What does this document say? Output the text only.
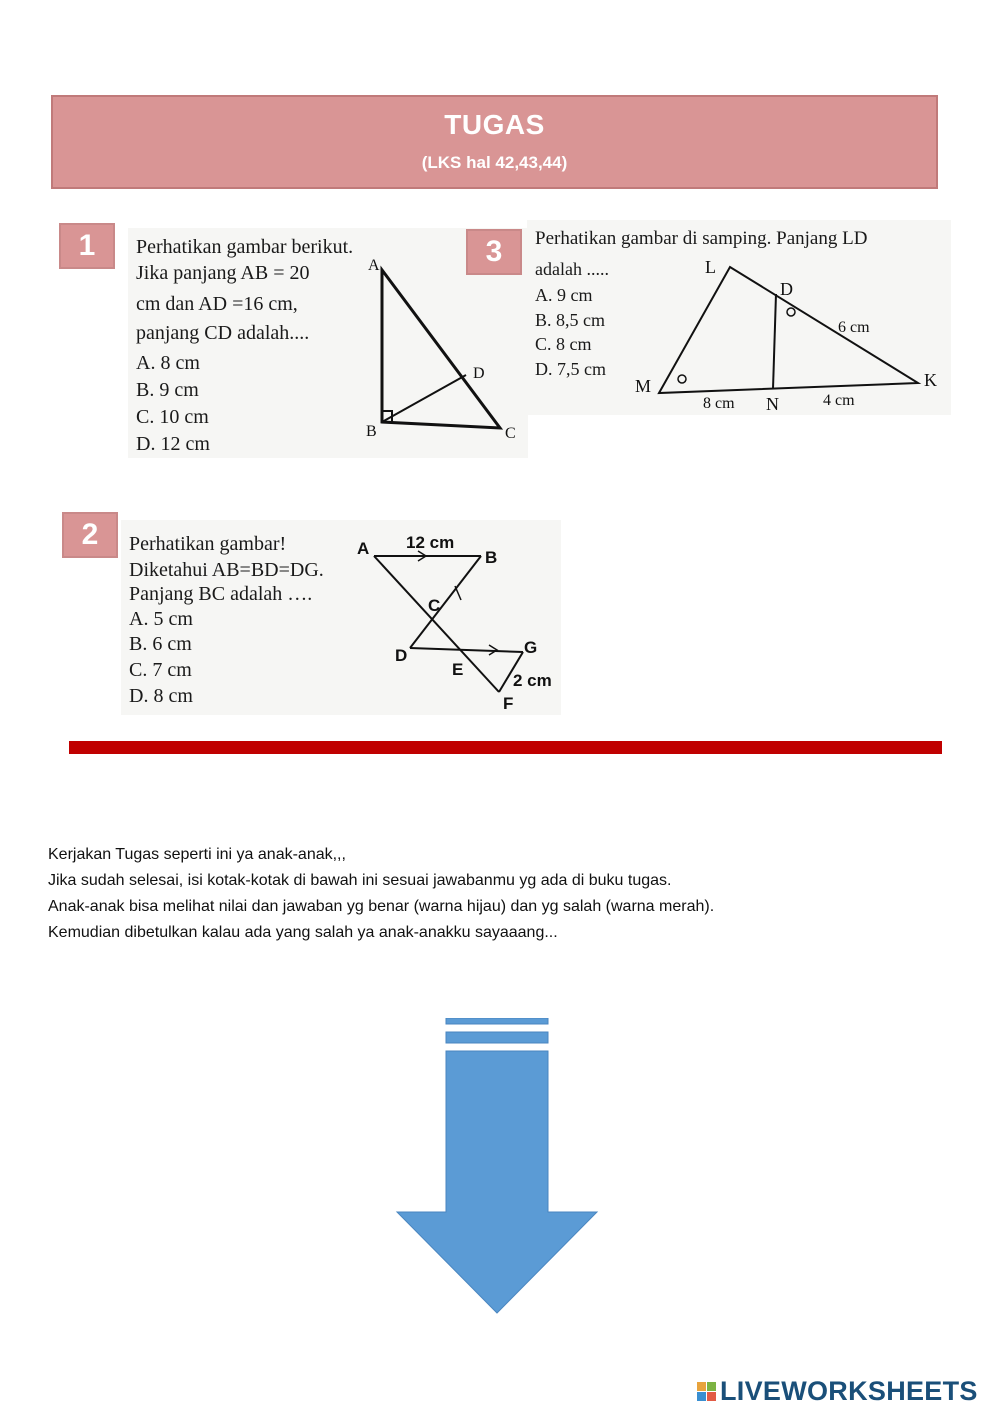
TUGAS
(LKS hal 42,43,44)
1	Perhatikan gambar berikut.
Jika panjang AB = 20
cm dan AD =16 cm,
panjang CD adalah....
A. 8 cm
B. 9 cm
C. 10 cm
D. 12 cm
A
B	C
D
3	Perhatikan gambar di samping. Panjang LD
adalah .....
A. 9 cm
B. 8,5 cm
C. 8 cm
D. 7,5 cm
L
D
M
N
K
6 cm
8 cm	4 cm
2	Perhatikan gambar!
Diketahui AB=BD=DG.
Panjang BC adalah ….
A. 5 cm
B. 6 cm
C. 7 cm
D. 8 cm
A	B
C
D
E
F
G
12 cm
2 cm
Kerjakan Tugas seperti ini ya anak-anak,,,
Jika sudah selesai, isi kotak-kotak di bawah ini sesuai jawabanmu yg ada di buku tugas.
Anak-anak bisa melihat nilai dan jawaban yg benar (warna hijau) dan yg salah (warna merah).
Kemudian dibetulkan kalau ada yang salah ya anak-anakku sayaaang...
LIVEWORKSHEETS
